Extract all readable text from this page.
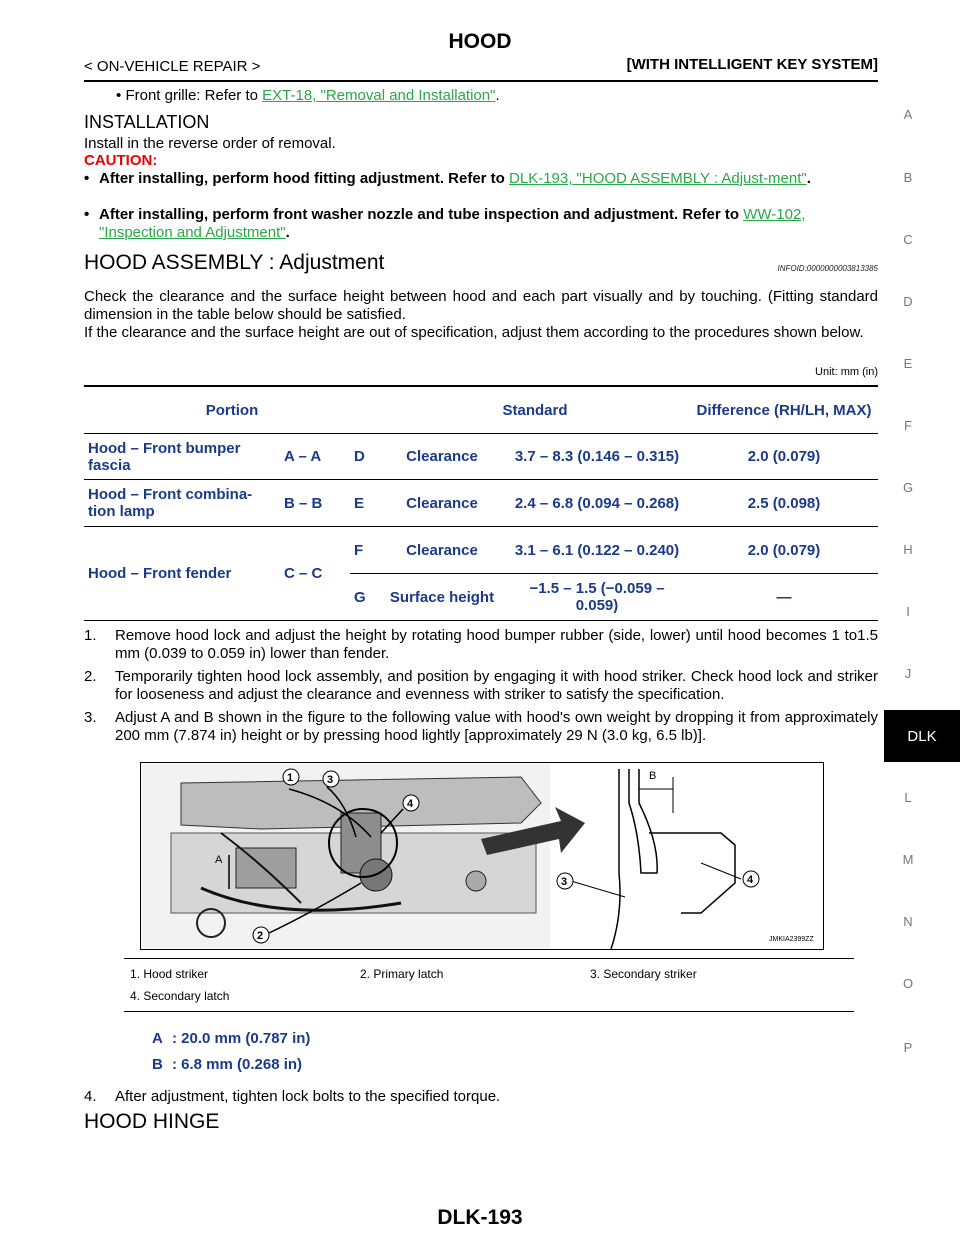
HOOD
< ON-VEHICLE REPAIR >	[WITH INTELLIGENT KEY SYSTEM]
A
B
C
D
E
F
G
H
I
J
DLK
L
M
N
O
P
• Front grille: Refer to EXT-18, "Removal and Installation".
INSTALLATION
Install in the reverse order of removal.
CAUTION:
• After installing, perform hood fitting adjustment. Refer to DLK-193, "HOOD ASSEMBLY : Adjust-ment".
• After installing, perform front washer nozzle and tube inspection and adjustment. Refer to WW-102, "Inspection and Adjustment".
HOOD ASSEMBLY : Adjustment	INFOID:0000000003813385
Check the clearance and the surface height between hood and each part visually and by touching. (Fitting standard dimension in the table below should be satisfied.
If the clearance and the surface height are out of specification, adjust them according to the procedures shown below.
Unit: mm (in)
Portion			Standard		Difference (RH/LH, MAX)
Hood – Front bumper fascia	A – A	D	Clearance	3.7 – 8.3 (0.146 – 0.315)	2.0 (0.079)
Hood – Front combina-tion lamp	B – B	E	Clearance	2.4 – 6.8 (0.094 – 0.268)	2.5 (0.098)
Hood – Front fender	C – C	F	Clearance	3.1 – 6.1 (0.122 – 0.240)	2.0 (0.079)
		G	Surface height	−1.5 – 1.5 (−0.059 – 0.059)	—
1. Remove hood lock and adjust the height by rotating hood bumper rubber (side, lower) until hood becomes 1 to1.5 mm (0.039 to 0.059 in) lower than fender.
2. Temporarily tighten hood lock assembly, and position by engaging it with hood striker. Check hood lock and striker for looseness and adjust the clearance and evenness with striker to satisfy the specification.
3. Adjust A and B shown in the figure to the following value with hood's own weight by dropping it from approximately 200 mm (7.874 in) height or by pressing hood lightly [approximately 29 N (3.0 kg, 6.5 lb)].
A
1	3
4
2
B
3	4
JMKIA2399ZZ
1. Hood striker	2. Primary latch	3. Secondary striker
4. Secondary latch
A : 20.0 mm (0.787 in)
B : 6.8 mm (0.268 in)
4. After adjustment, tighten lock bolts to the specified torque.
HOOD HINGE
DLK-193
